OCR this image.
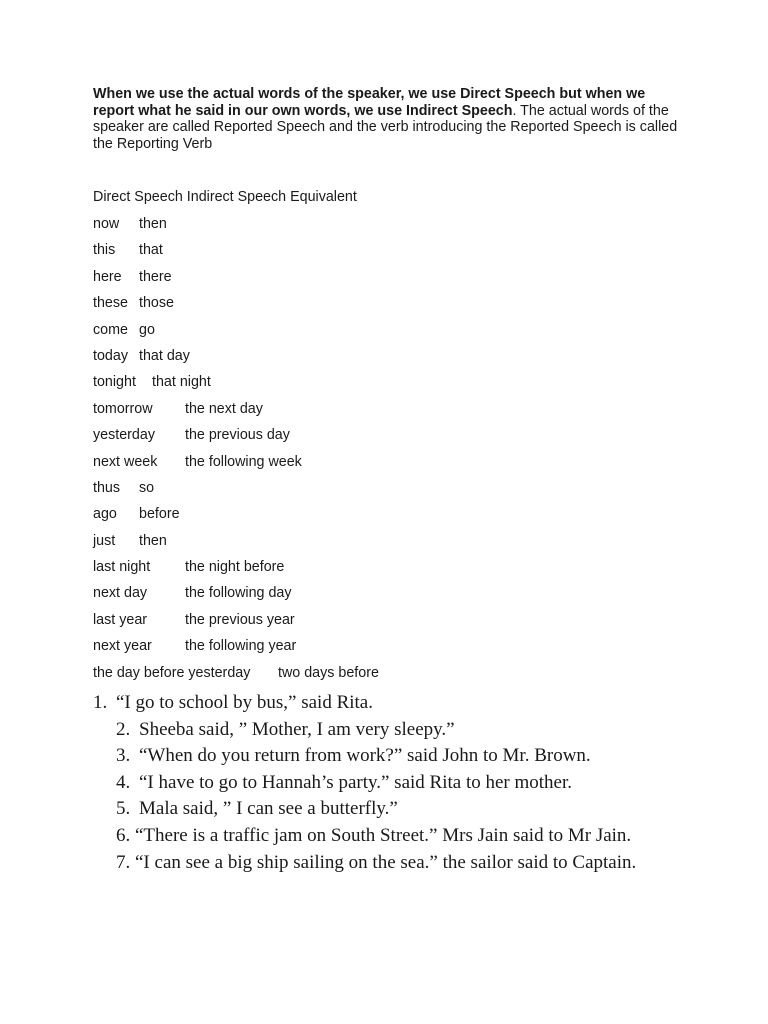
When we use the actual words of the speaker, we use Direct Speech but when we report what he said in our own words, we use Indirect Speech. The actual words of the speaker are called Reported Speech and the verb introducing the Reported Speech is called the Reporting Verb

Direct Speech Indirect Speech Equivalent
now then
this that
here there
these those
come go
today that day
tonight that night
tomorrow the next day
yesterday the previous day
next week the following week
thus so
ago before
just then
last night the night before
next day	the following day
last year	the previous year
next year the following year
the day before yesterday two days before
1. “I go to school by bus,” said Rita.
2. Sheeba said, ” Mother, I am very sleepy.”
3. “When do you return from work?” said John to Mr. Brown.
4. “I have to go to Hannah’s party.” said Rita to her mother.
5. Mala said, ” I can see a butterfly.”
6. “There is a traffic jam on South Street.” Mrs Jain said to Mr Jain.
7. “I can see a big ship sailing on the sea.” the sailor said to Captain.
